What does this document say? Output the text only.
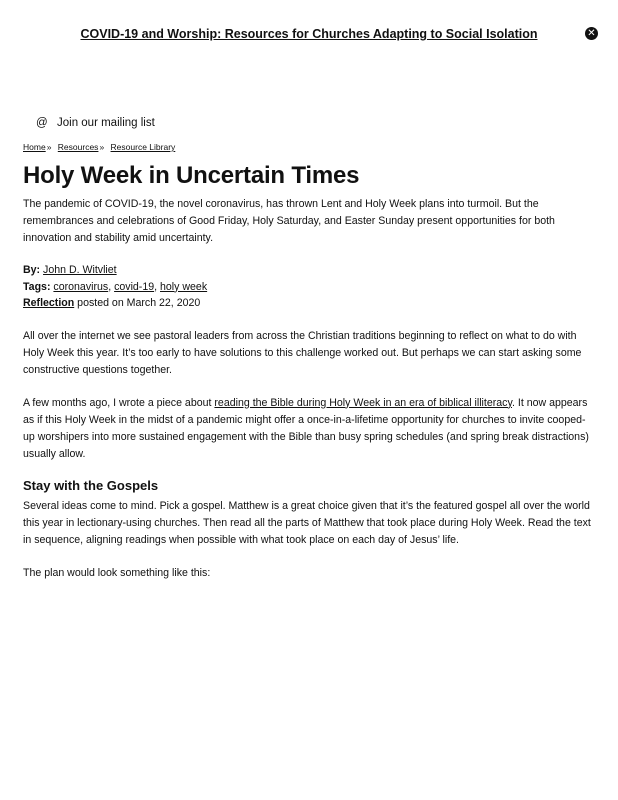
COVID-19 and Worship: Resources for Churches Adapting to Social Isolation	✕
@ Join our mailing list
Home» Resources» Resource Library
Holy Week in Uncertain Times

The pandemic of COVID-19, the novel coronavirus, has thrown Lent and Holy Week plans into turmoil. But the remembrances and celebrations of Good Friday, Holy Saturday, and Easter Sunday present opportunities for both innovation and stability amid uncertainty.

By: John D. Witvliet
Tags: coronavirus, covid-19, holy week
Reflection posted on March 22, 2020

All over the internet we see pastoral leaders from across the Christian traditions beginning to reflect on what to do with Holy Week this year. It’s too early to have solutions to this challenge worked out. But perhaps we can start asking some constructive questions together.

A few months ago, I wrote a piece about reading the Bible during Holy Week in an era of biblical illiteracy. It now appears as if this Holy Week in the midst of a pandemic might offer a once-in-a-lifetime opportunity for churches to invite cooped-up worshipers into more sustained engagement with the Bible than busy spring schedules (and spring break distractions) usually allow.

Stay with the Gospels

Several ideas come to mind. Pick a gospel. Matthew is a great choice given that it’s the featured gospel all over the world this year in lectionary-using churches. Then read all the parts of Matthew that took place during Holy Week. Read the text in sequence, aligning readings when possible with what took place on each day of Jesus’ life.

The plan would look something like this:
